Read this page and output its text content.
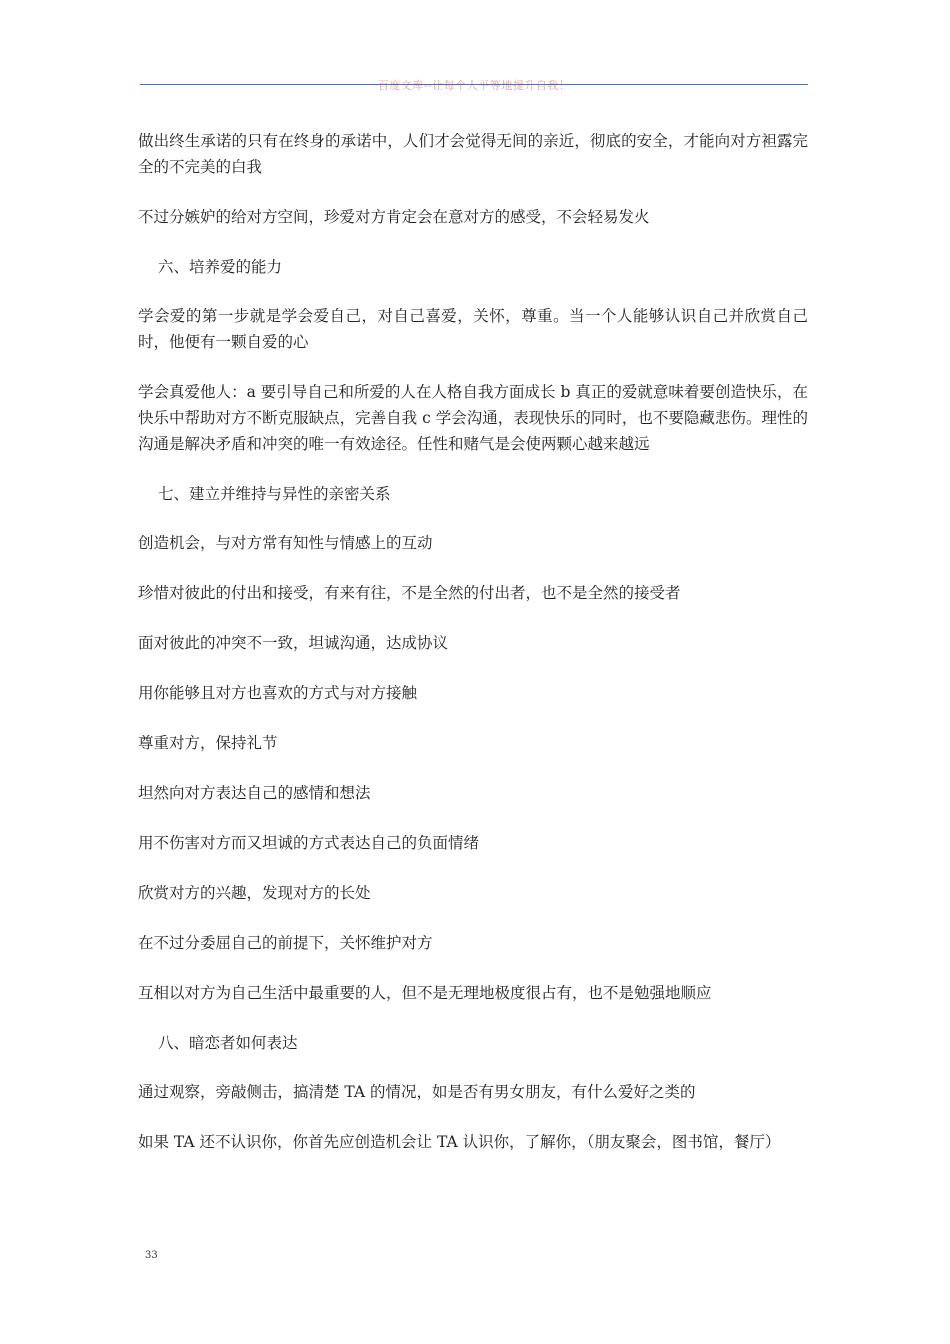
百度文库--让每个人平等地提升自我！

做出终生承诺的只有在终身的承诺中，人们才会觉得无间的亲近，彻底的安全，才能向对方袒露完全的不完美的白我

不过分嫉妒的给对方空间，珍爱对方肯定会在意对方的感受，不会轻易发火

六、培养爱的能力

学会爱的第一步就是学会爱自己，对自己喜爱，关怀，尊重。当一个人能够认识自己并欣赏自己时，他便有一颗自爱的心

学会真爱他人：a 要引导自己和所爱的人在人格自我方面成长 b 真正的爱就意味着要创造快乐，在快乐中帮助对方不断克服缺点，完善自我 c 学会沟通，表现快乐的同时，也不要隐藏悲伤。理性的沟通是解决矛盾和冲突的唯一有效途径。任性和赌气是会使两颗心越来越远

七、建立并维持与异性的亲密关系

创造机会，与对方常有知性与情感上的互动

珍惜对彼此的付出和接受，有来有往，不是全然的付出者，也不是全然的接受者

面对彼此的冲突不一致，坦诚沟通，达成协议

用你能够且对方也喜欢的方式与对方接触

尊重对方，保持礼节

坦然向对方表达自己的感情和想法

用不伤害对方而又坦诚的方式表达自己的负面情绪

欣赏对方的兴趣，发现对方的长处

在不过分委屈自己的前提下，关怀维护对方

互相以对方为自己生活中最重要的人，但不是无理地极度很占有，也不是勉强地顺应

八、暗恋者如何表达

通过观察，旁敲侧击，搞清楚 TA 的情况，如是否有男女朋友，有什么爱好之类的

如果 TA 还不认识你，你首先应创造机会让 TA 认识你，了解你，（朋友聚会，图书馆，餐厅）

33
